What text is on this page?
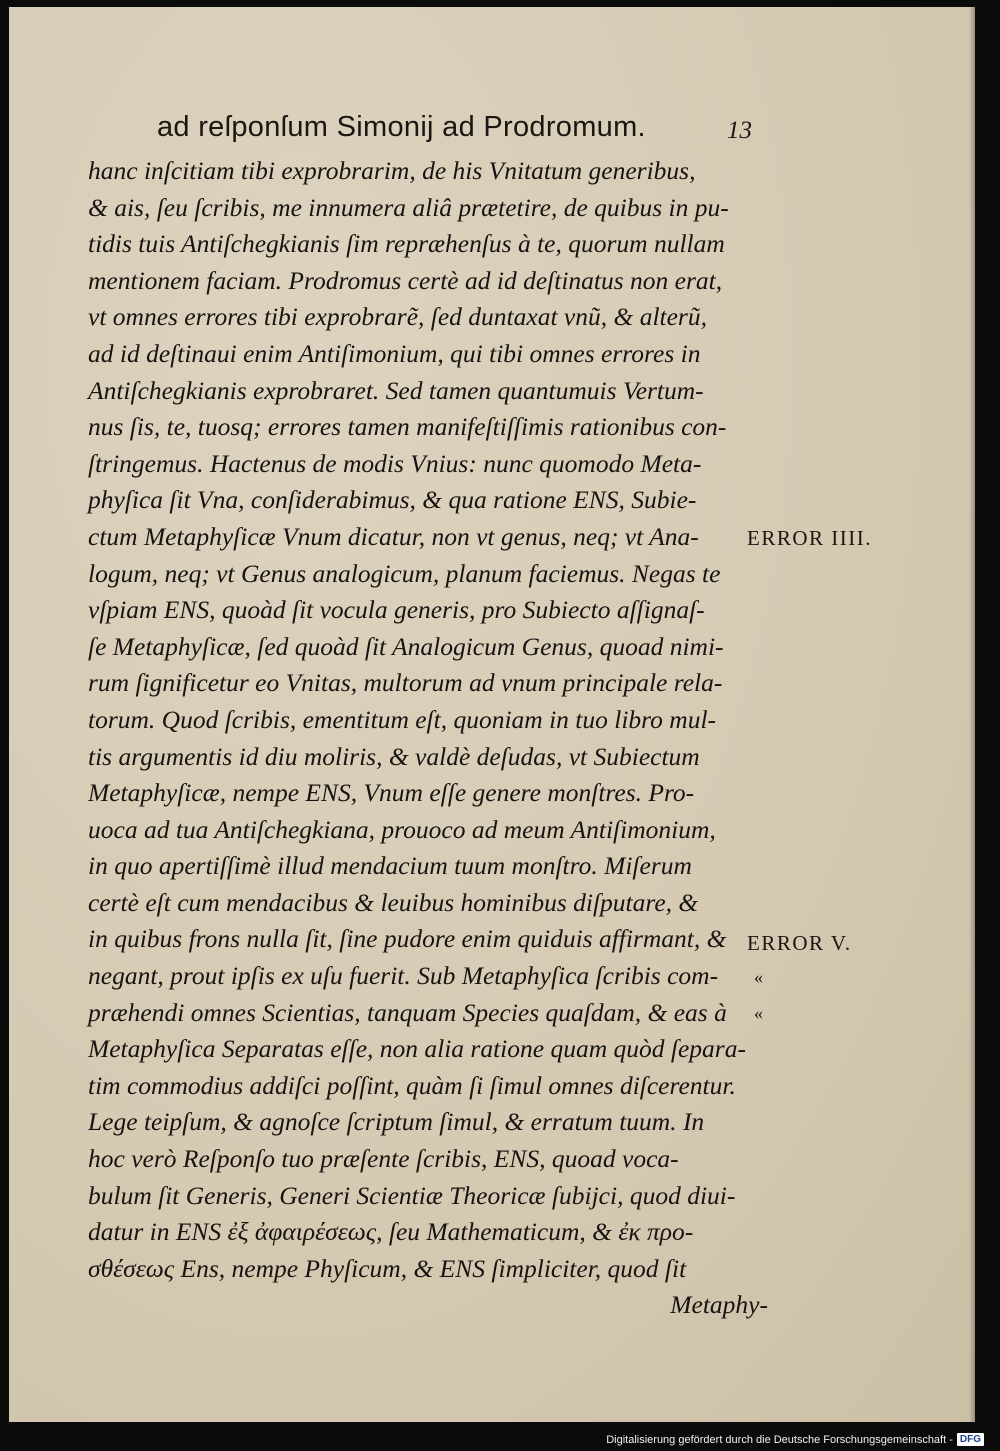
ad reſponſum Simonij ad Prodromum.	13
hanc inſcitiam tibi exprobrarim, de his Vnitatum generibus,
& ais, ſeu ſcribis, me innumera aliâ prætetire, de quibus in pu-
tidis tuis Antiſchegkianis ſim repræhenſus à te, quorum nullam
mentionem faciam. Prodromus certè ad id deſtinatus non erat,
vt omnes errores tibi exprobrarẽ, ſed duntaxat vnũ, & alterũ,
ad id deſtinaui enim Antiſimonium, qui tibi omnes errores in
Antiſchegkianis exprobraret. Sed tamen quantumuis Vertum-
nus ſis, te, tuosq; errores tamen manifeſtiſſimis rationibus con-
ſtringemus. Hactenus de modis Vnius: nunc quomodo Meta-
phyſica ſit Vna, conſiderabimus, & qua ratione ENS, Subie-
ctum Metaphyſicæ Vnum dicatur, non vt genus, neq; vt Ana-
logum, neq; vt Genus analogicum, planum faciemus. Negas te
vſpiam ENS, quoàd ſit vocula generis, pro Subiecto aſſignaſ-
ſe Metaphyſicæ, ſed quoàd ſit Analogicum Genus, quoad nimi-
rum ſignificetur eo Vnitas, multorum ad vnum principale rela-
torum. Quod ſcribis, ementitum eſt, quoniam in tuo libro mul-
tis argumentis id diu moliris, & valdè deſudas, vt Subiectum
Metaphyſicæ, nempe ENS, Vnum eſſe genere monſtres. Pro-
uoca ad tua Antiſchegkiana, prouoco ad meum Antiſimonium,
in quo apertiſſimè illud mendacium tuum monſtro. Miſerum
certè eſt cum mendacibus & leuibus hominibus diſputare, &
in quibus frons nulla ſit, ſine pudore enim quiduis affirmant, &
negant, prout ipſis ex uſu fuerit. Sub Metaphyſica ſcribis com-
præhendi omnes Scientias, tanquam Species quaſdam, & eas à
Metaphyſica Separatas eſſe, non alia ratione quam quòd ſepara-
tim commodius addiſci poſſint, quàm ſi ſimul omnes diſcerentur.
Lege teipſum, & agnoſce ſcriptum ſimul, & erratum tuum. In
hoc verò Reſponſo tuo præſente ſcribis, ENS, quoad voca-
bulum ſit Generis, Generi Scientiæ Theoricæ ſubijci, quod diui-
datur in ENS ἐξ ἀφαιρέσεως, ſeu Mathematicum, & ἐκ προ-
σθέσεως Ens, nempe Phyſicum, & ENS ſimpliciter, quod ſit
Metaphy-
ERROR IIII.
ERROR V.
«
«
Digitalisierung gefördert durch die Deutsche Forschungsgemeinschaft - DFG
